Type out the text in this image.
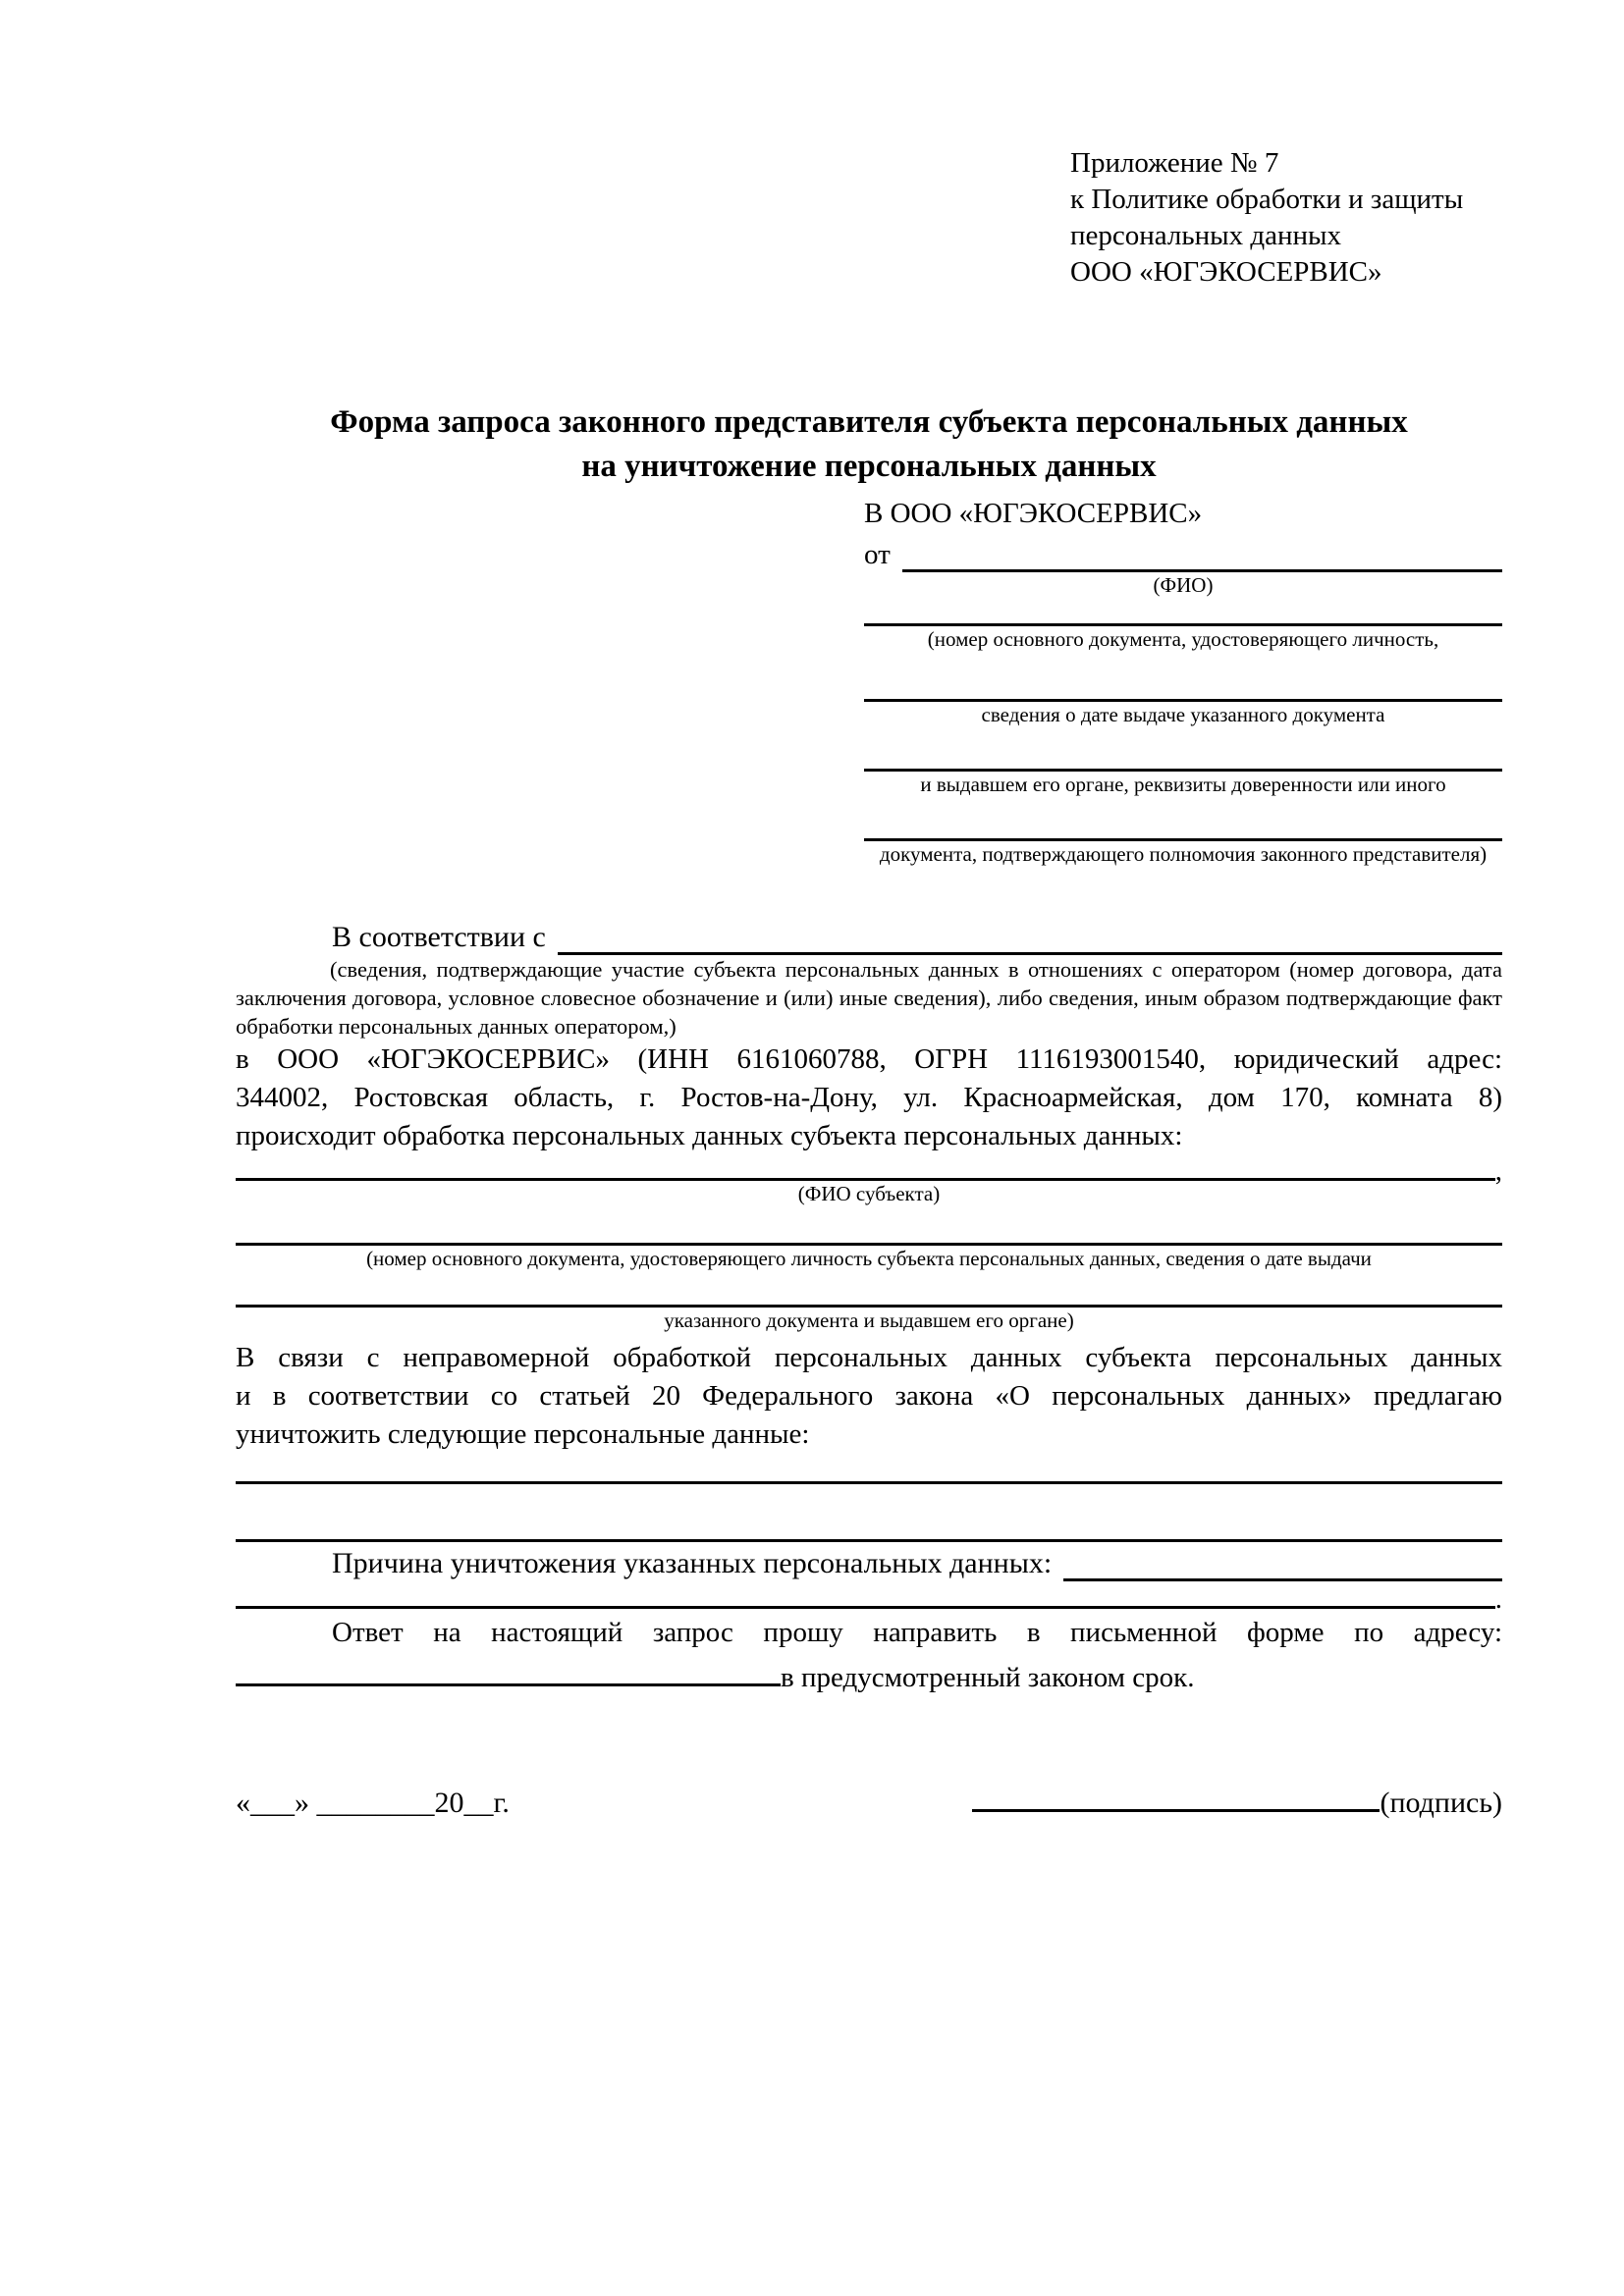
Приложение № 7
к Политике обработки и защиты
персональных данных
ООО «ЮГЭКОСЕРВИС»
Форма запроса законного представителя субъекта персональных данных
на уничтожение персональных данных
В ООО «ЮГЭКОСЕРВИС»
от
(ФИО)
(номер основного документа, удостоверяющего личность,
сведения о дате выдаче указанного документа
и выдавшем его органе, реквизиты доверенности или иного
документа, подтверждающего полномочия законного представителя)
В соответствии с
(сведения, подтверждающие участие субъекта персональных данных в отношениях с оператором (номер договора, дата
заключения договора, условное словесное обозначение и (или) иные сведения), либо сведения, иным образом подтверждающие факт
обработки персональных данных оператором,)
в ООО «ЮГЭКОСЕРВИС» (ИНН 6161060788, ОГРН 1116193001540, юридический адрес:
344002, Ростовская область, г. Ростов-на-Дону, ул. Красноармейская, дом 170, комната 8)
происходит обработка персональных данных субъекта персональных данных:
,
(ФИО субъекта)
(номер основного документа, удостоверяющего личность субъекта персональных данных, сведения о дате выдачи
указанного документа и выдавшем его органе)
В связи с неправомерной обработкой персональных данных субъекта персональных данных
и в соответствии со статьей 20 Федерального закона «О персональных данных» предлагаю
уничтожить следующие персональные данные:
Причина уничтожения указанных персональных данных:
.
Ответ на настоящий запрос прошу направить в письменной форме по адресу:
в предусмотренный законом срок.
«___» ________20__г.	(подпись)
